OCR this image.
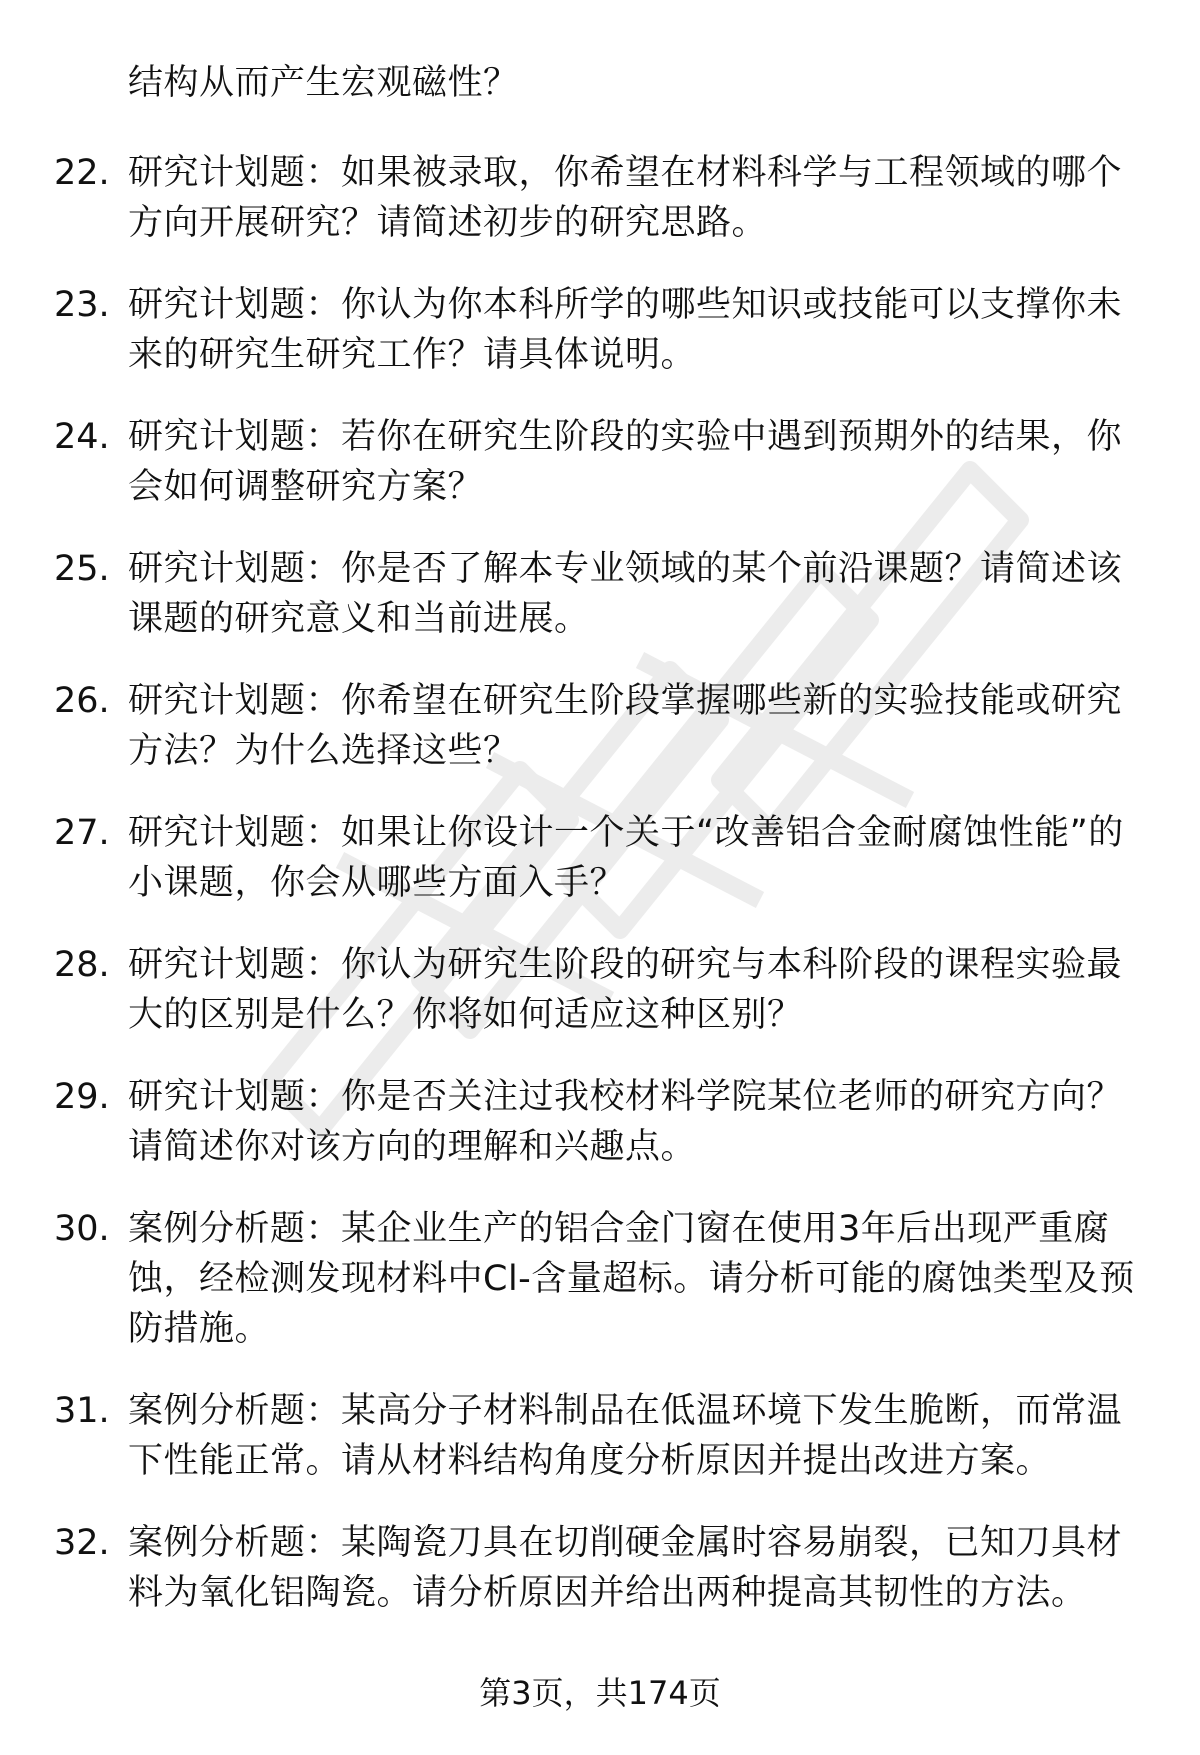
结构从而产生宏观磁性？
22. 研究计划题：如果被录取，你希望在材料科学与工程领域的哪个方向开展研究？请简述初步的研究思路。
23. 研究计划题：你认为你本科所学的哪些知识或技能可以支撑你未来的研究生研究工作？请具体说明。
24. 研究计划题：若你在研究生阶段的实验中遇到预期外的结果，你会如何调整研究方案？
25. 研究计划题：你是否了解本专业领域的某个前沿课题？请简述该课题的研究意义和当前进展。
26. 研究计划题：你希望在研究生阶段掌握哪些新的实验技能或研究方法？为什么选择这些？
27. 研究计划题：如果让你设计一个关于“改善铝合金耐腐蚀性能”的小课题，你会从哪些方面入手？
28. 研究计划题：你认为研究生阶段的研究与本科阶段的课程实验最大的区别是什么？你将如何适应这种区别？
29. 研究计划题：你是否关注过我校材料学院某位老师的研究方向？请简述你对该方向的理解和兴趣点。
30. 案例分析题：某企业生产的铝合金门窗在使用3年后出现严重腐蚀，经检测发现材料中Cl-含量超标。请分析可能的腐蚀类型及预防措施。
31. 案例分析题：某高分子材料制品在低温环境下发生脆断，而常温下性能正常。请从材料结构角度分析原因并提出改进方案。
32. 案例分析题：某陶瓷刀具在切削硬金属时容易崩裂，已知刀具材料为氧化铝陶瓷。请分析原因并给出两种提高其韧性的方法。
第3页，共174页
